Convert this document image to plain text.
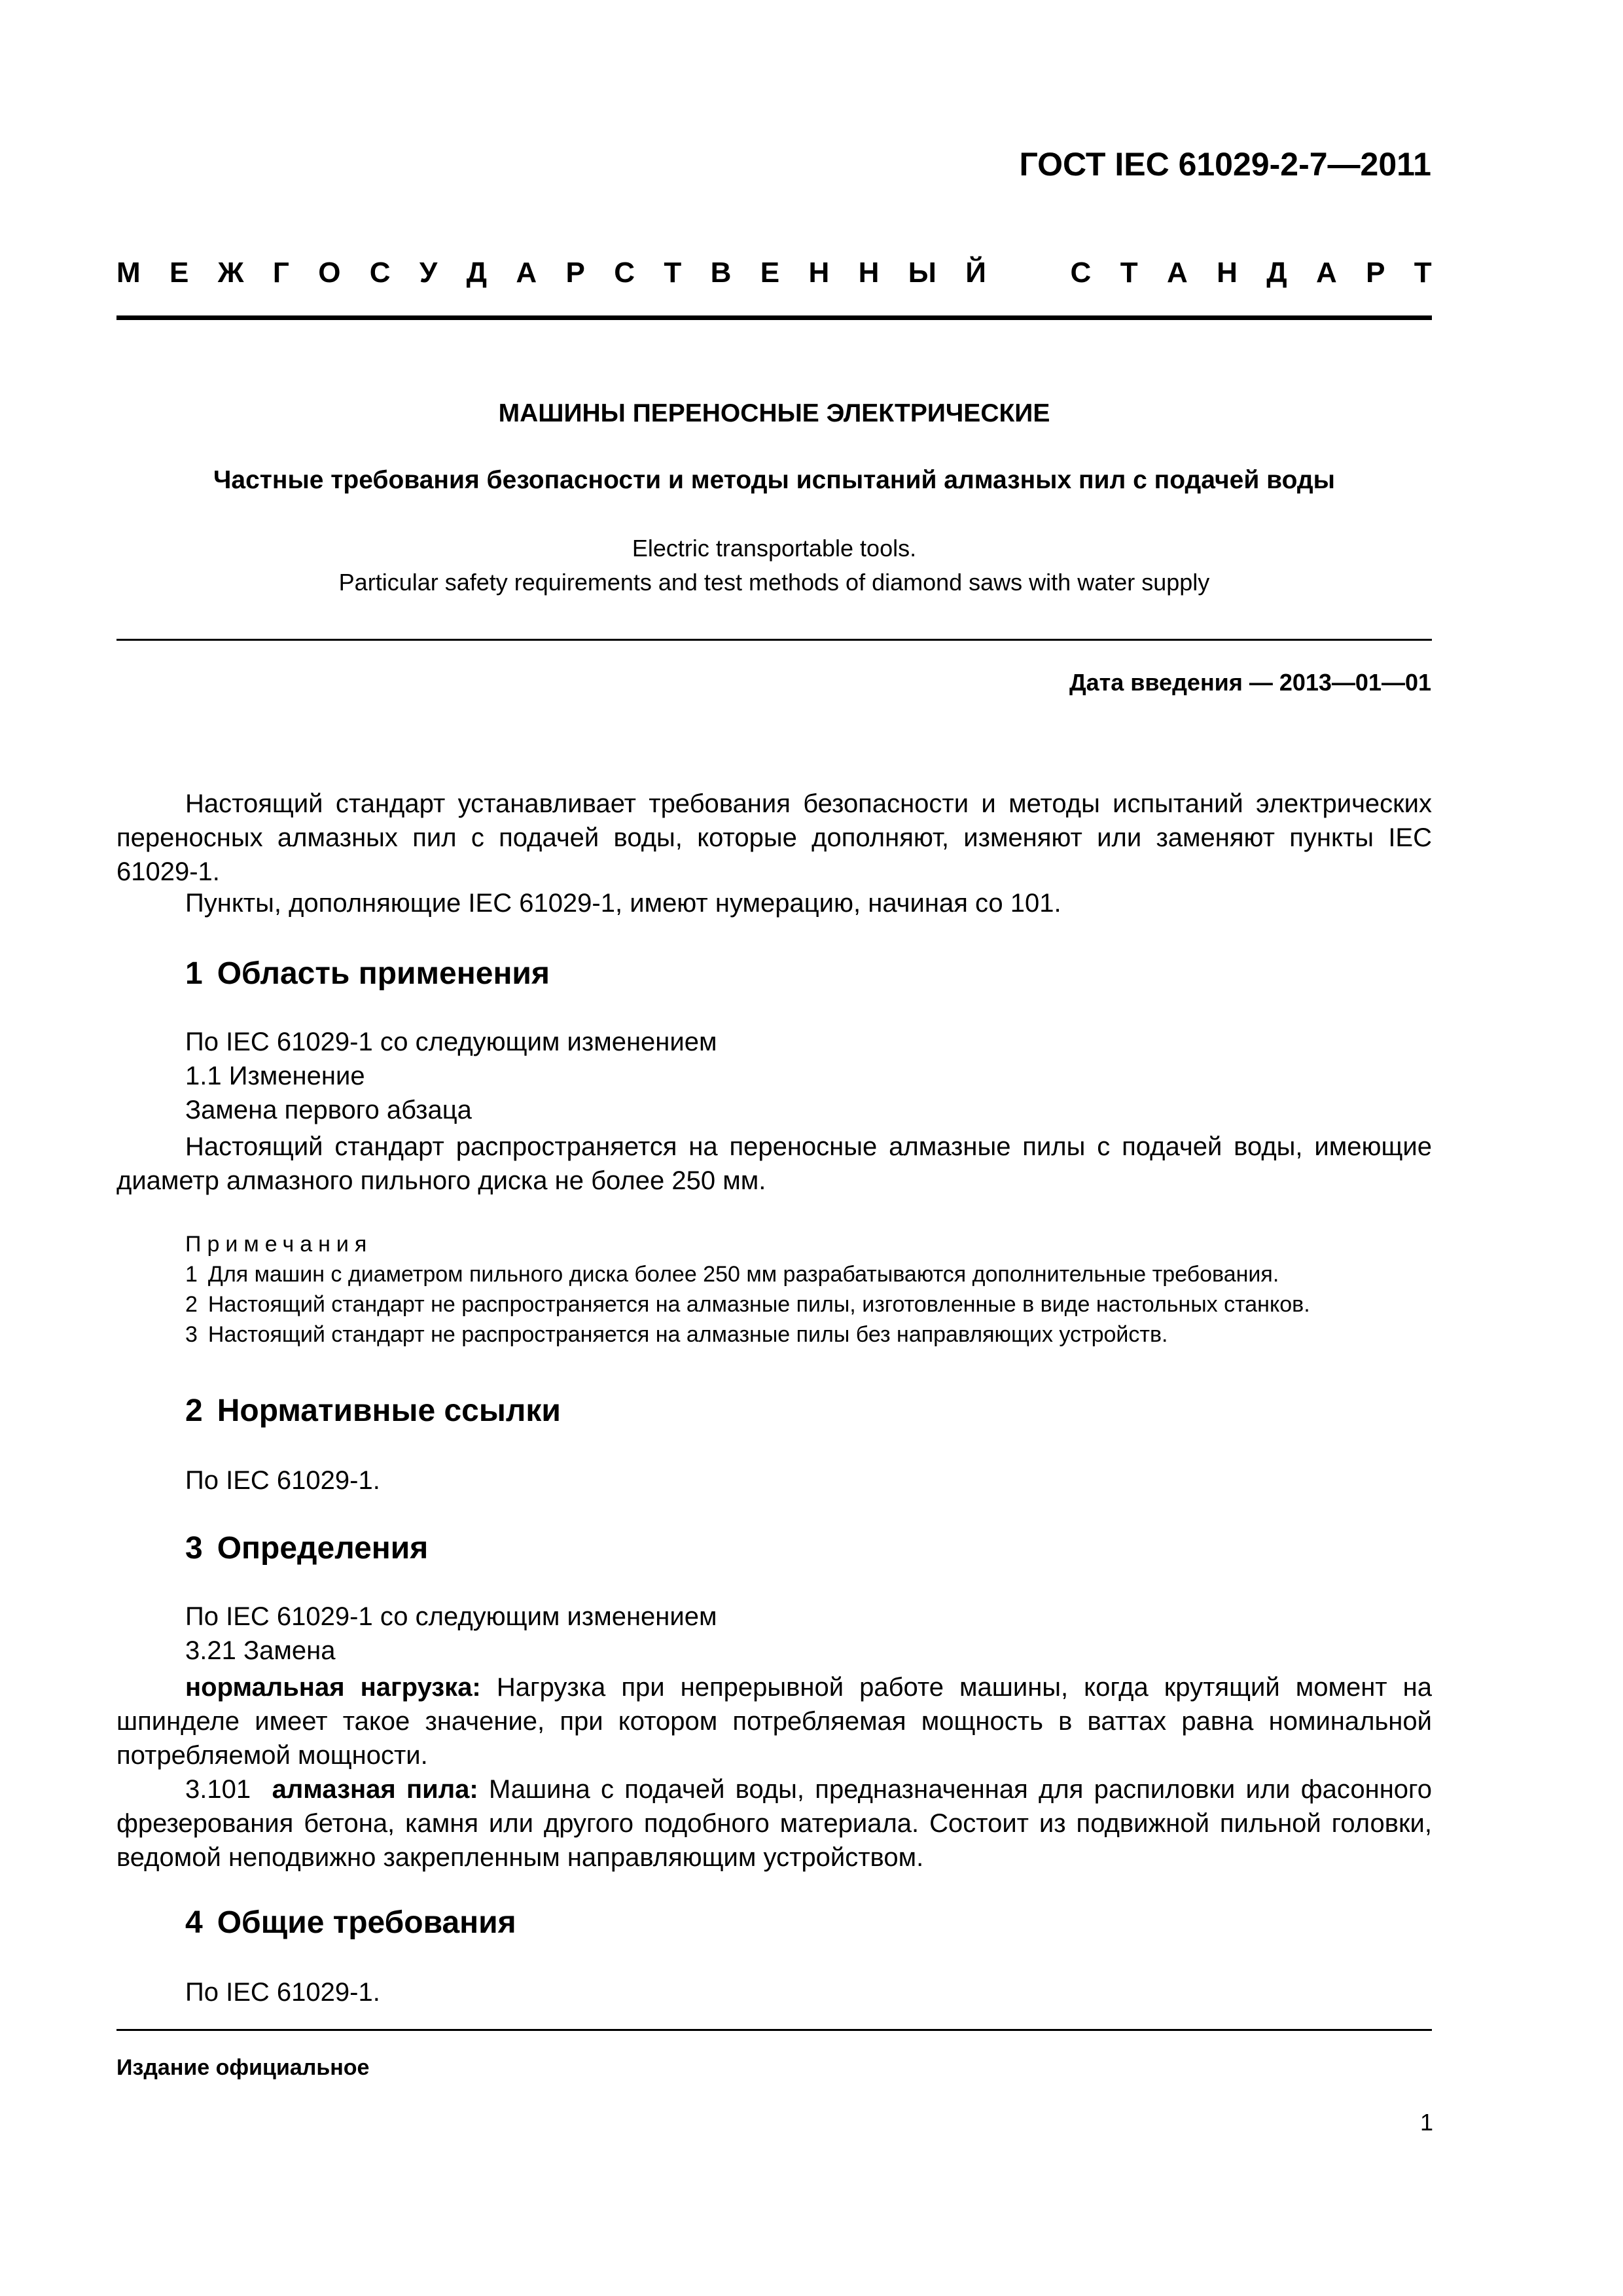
ГОСТ IEC 61029-2-7—2011
М Е Ж Г О С У Д А Р С Т В Е Н Н Ы Й	С Т А Н Д А Р Т
МАШИНЫ ПЕРЕНОСНЫЕ ЭЛЕКТРИЧЕСКИЕ
Частные требования безопасности и методы испытаний алмазных пил с подачей воды
Electric transportable tools.
Particular safety requirements and test methods of diamond saws with water supply
Дата введения — 2013—01—01
Настоящий стандарт устанавливает требования безопасности и методы испытаний электрических переносных алмазных пил с подачей воды, которые дополняют, изменяют или заменяют пункты IEC 61029-1.
Пункты, дополняющие IEC 61029-1, имеют нумерацию, начиная со 101.
1 Область применения
По IEC 61029-1 со следующим изменением
1.1 Изменение
Замена первого абзаца
Настоящий стандарт распространяется на переносные алмазные пилы с подачей воды, имеющие диаметр алмазного пильного диска не более 250 мм.
Примечания
1 Для машин с диаметром пильного диска более 250 мм разрабатываются дополнительные требования.
2 Настоящий стандарт не распространяется на алмазные пилы, изготовленные в виде настольных станков.
3 Настоящий стандарт не распространяется на алмазные пилы без направляющих устройств.
2 Нормативные ссылки
По IEC 61029-1.
3 Определения
По IEC 61029-1 со следующим изменением
3.21 Замена
нормальная нагрузка: Нагрузка при непрерывной работе машины, когда крутящий момент на шпинделе имеет такое значение, при котором потребляемая мощность в ваттах равна номинальной потребляемой мощности.
3.101 алмазная пила: Машина с подачей воды, предназначенная для распиловки или фасонного фрезерования бетона, камня или другого подобного материала. Состоит из подвижной пильной головки, ведомой неподвижно закрепленным направляющим устройством.
4 Общие требования
По IEC 61029-1.
Издание официальное
1
